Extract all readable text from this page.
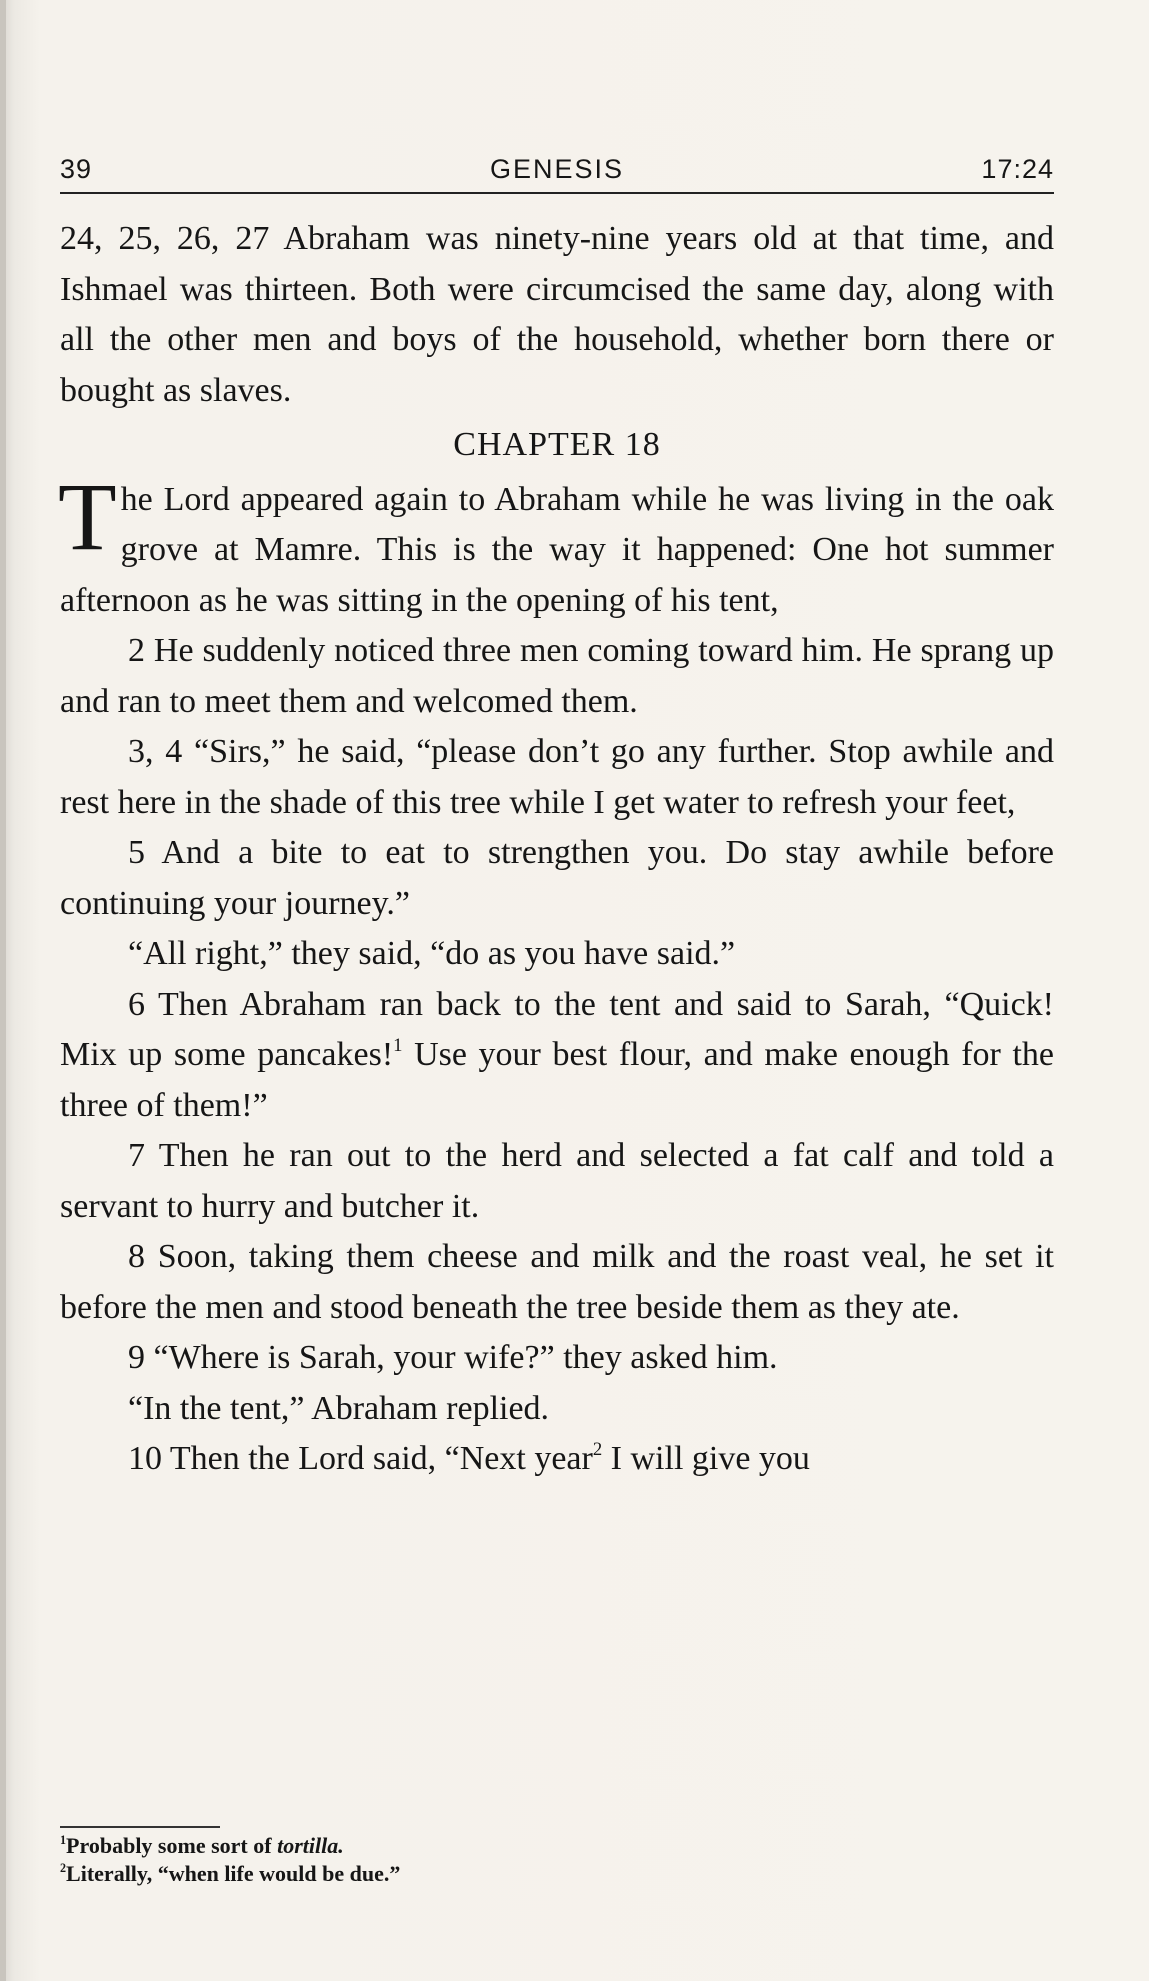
39	GENESIS	17:24

24, 25, 26, 27 Abraham was ninety-nine years old at that time, and Ishmael was thirteen. Both were circumcised the same day, along with all the other men and boys of the household, whether born there or bought as slaves.

CHAPTER 18

The Lord appeared again to Abraham while he was living in the oak grove at Mamre. This is the way it happened: One hot summer afternoon as he was sitting in the opening of his tent,

2 He suddenly noticed three men coming toward him. He sprang up and ran to meet them and welcomed them.

3, 4 “Sirs,” he said, “please don’t go any further. Stop awhile and rest here in the shade of this tree while I get water to refresh your feet,

5 And a bite to eat to strengthen you. Do stay awhile before continuing your journey.”

“All right,” they said, “do as you have said.”

6 Then Abraham ran back to the tent and said to Sarah, “Quick! Mix up some pancakes!$^1$ Use your best flour, and make enough for the three of them!”

7 Then he ran out to the herd and selected a fat calf and told a servant to hurry and butcher it.

8 Soon, taking them cheese and milk and the roast veal, he set it before the men and stood beneath the tree beside them as they ate.

9 “Where is Sarah, your wife?” they asked him.

“In the tent,” Abraham replied.

10 Then the Lord said, “Next year$^2$ I will give you

$^1$Probably some sort of tortilla.
$^2$Literally, “when life would be due.”
